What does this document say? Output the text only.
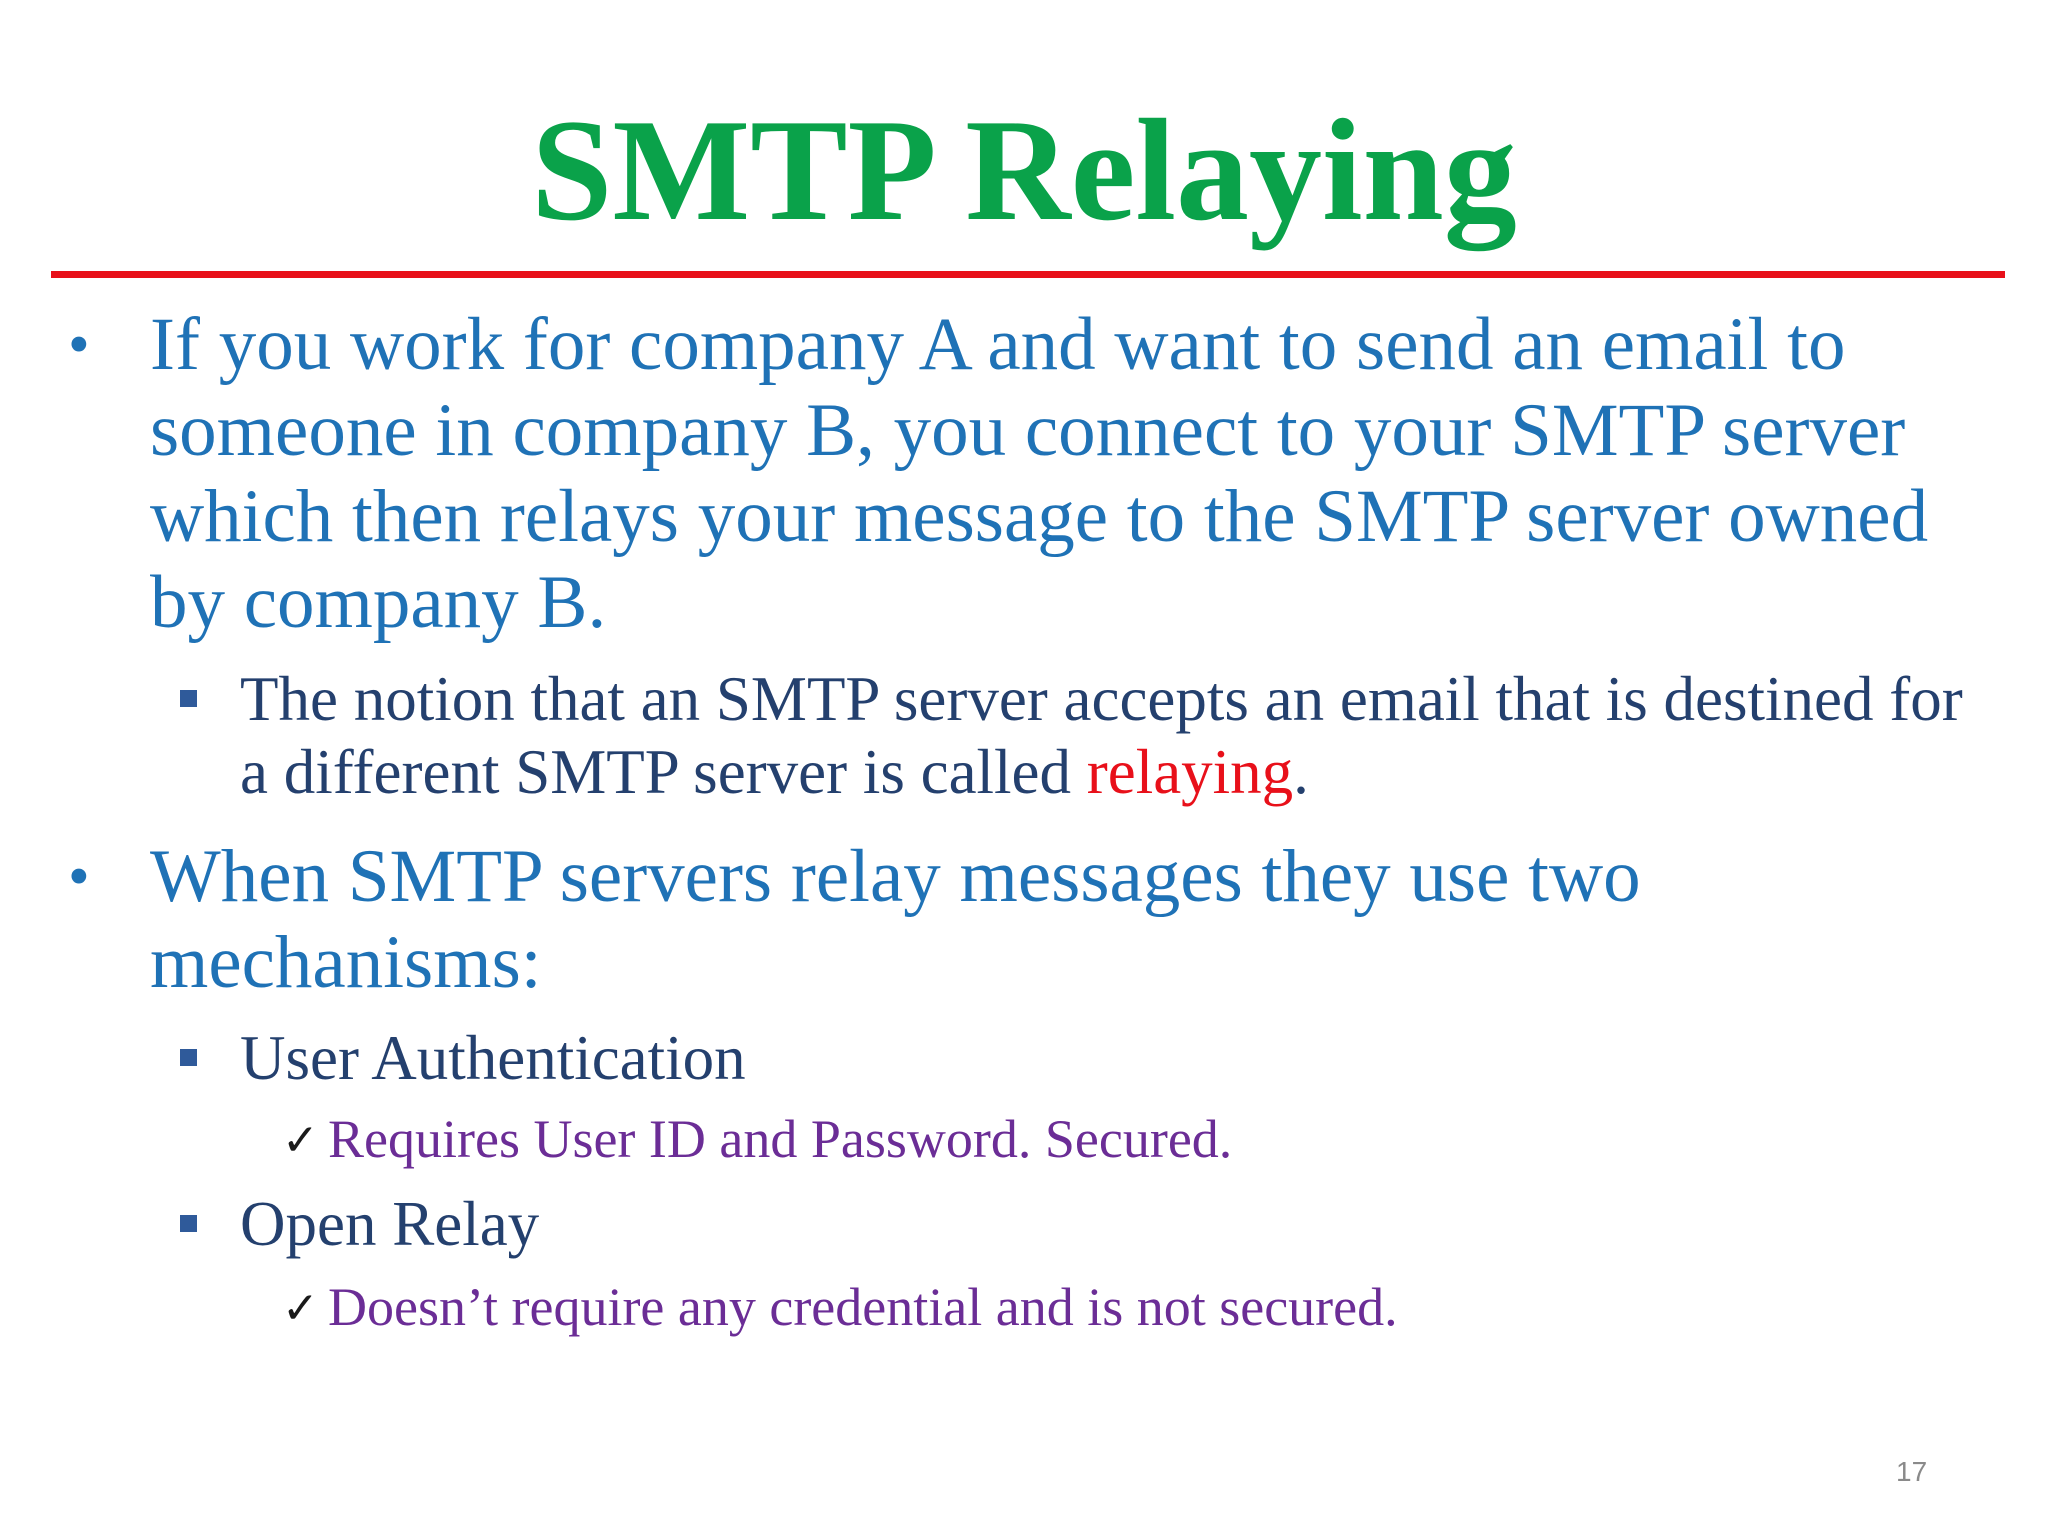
SMTP Relaying
• If you work for company A and want to send an email to someone in company B, you connect to your SMTP server which then relays your message to the SMTP server owned by company B.
The notion that an SMTP server accepts an email that is destined for a different SMTP server is called relaying.
• When SMTP servers relay messages they use two mechanisms:
User Authentication
✓ Requires User ID and Password. Secured.
Open Relay
✓ Doesn’t require any credential and is not secured.
17
